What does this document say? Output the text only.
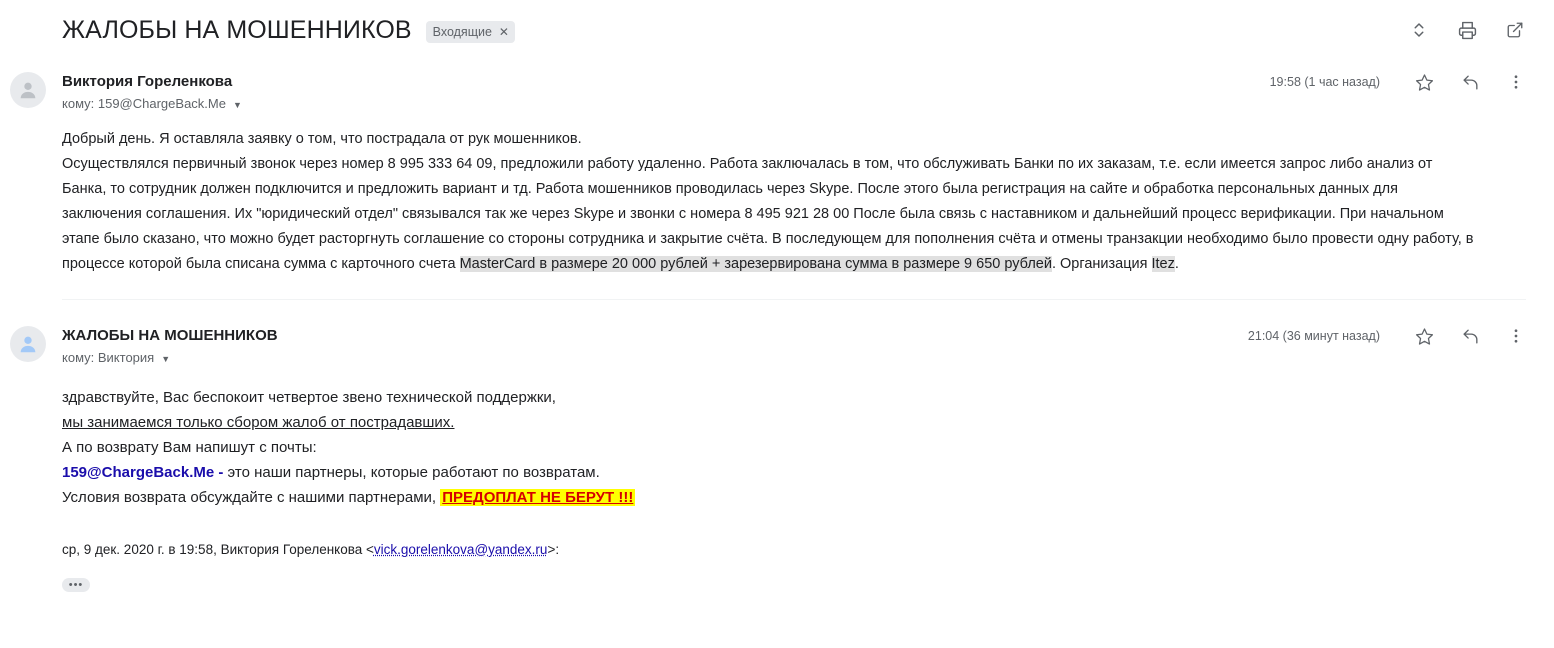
ЖАЛОБЫ НА МОШЕННИКОВ Входящие ✕
Виктория Гореленкова
кому: 159@ChargeBack.Me ▼
19:58 (1 час назад)

Добрый день. Я оставляла заявку о том, что пострадала от рук мошенников.

Осуществлялся первичный звонок через номер 8 995 333 64 09, предложили работу удаленно. Работа заключалась в том, что обслуживать Банки по их заказам, т.е. если имеется запрос либо анализ от Банка, то сотрудник должен подключится и предложить вариант и тд. Работа мошенников проводилась через Skype. После этого была регистрация на сайте и обработка персональных данных для заключения соглашения. Их "юридический отдел" связывался так же через Skype и звонки с номера 8 495 921 28 00 После была связь с наставником и дальнейший процесс верификации. При начальном этапе было сказано, что можно будет расторгнуть соглашение со стороны сотрудника и закрытие счёта. В последующем для пополнения счёта и отмены транзакции необходимо было провести одну работу, в процессе которой была списана сумма с карточного счета MasterCard в размере 20 000 рублей + зарезервирована сумма в размере 9 650 рублей. Организация Itez.

ЖАЛОБЫ НА МОШЕННИКОВ
кому: Виктория ▼
21:04 (36 минут назад)

здравствуйте, Вас беспокоит четвертое звено технической поддержки,

мы занимаемся только сбором жалоб от пострадавших.

А по возврату Вам напишут с почты:

159@ChargeBack.Me - это наши партнеры, которые работают по возвратам.

Условия возврата обсуждайте с нашими партнерами, ПРЕДОПЛАТ НЕ БЕРУТ !!!

ср, 9 дек. 2020 г. в 19:58, Виктория Гореленкова <vick.gorelenkova@yandex.ru>:
•••
